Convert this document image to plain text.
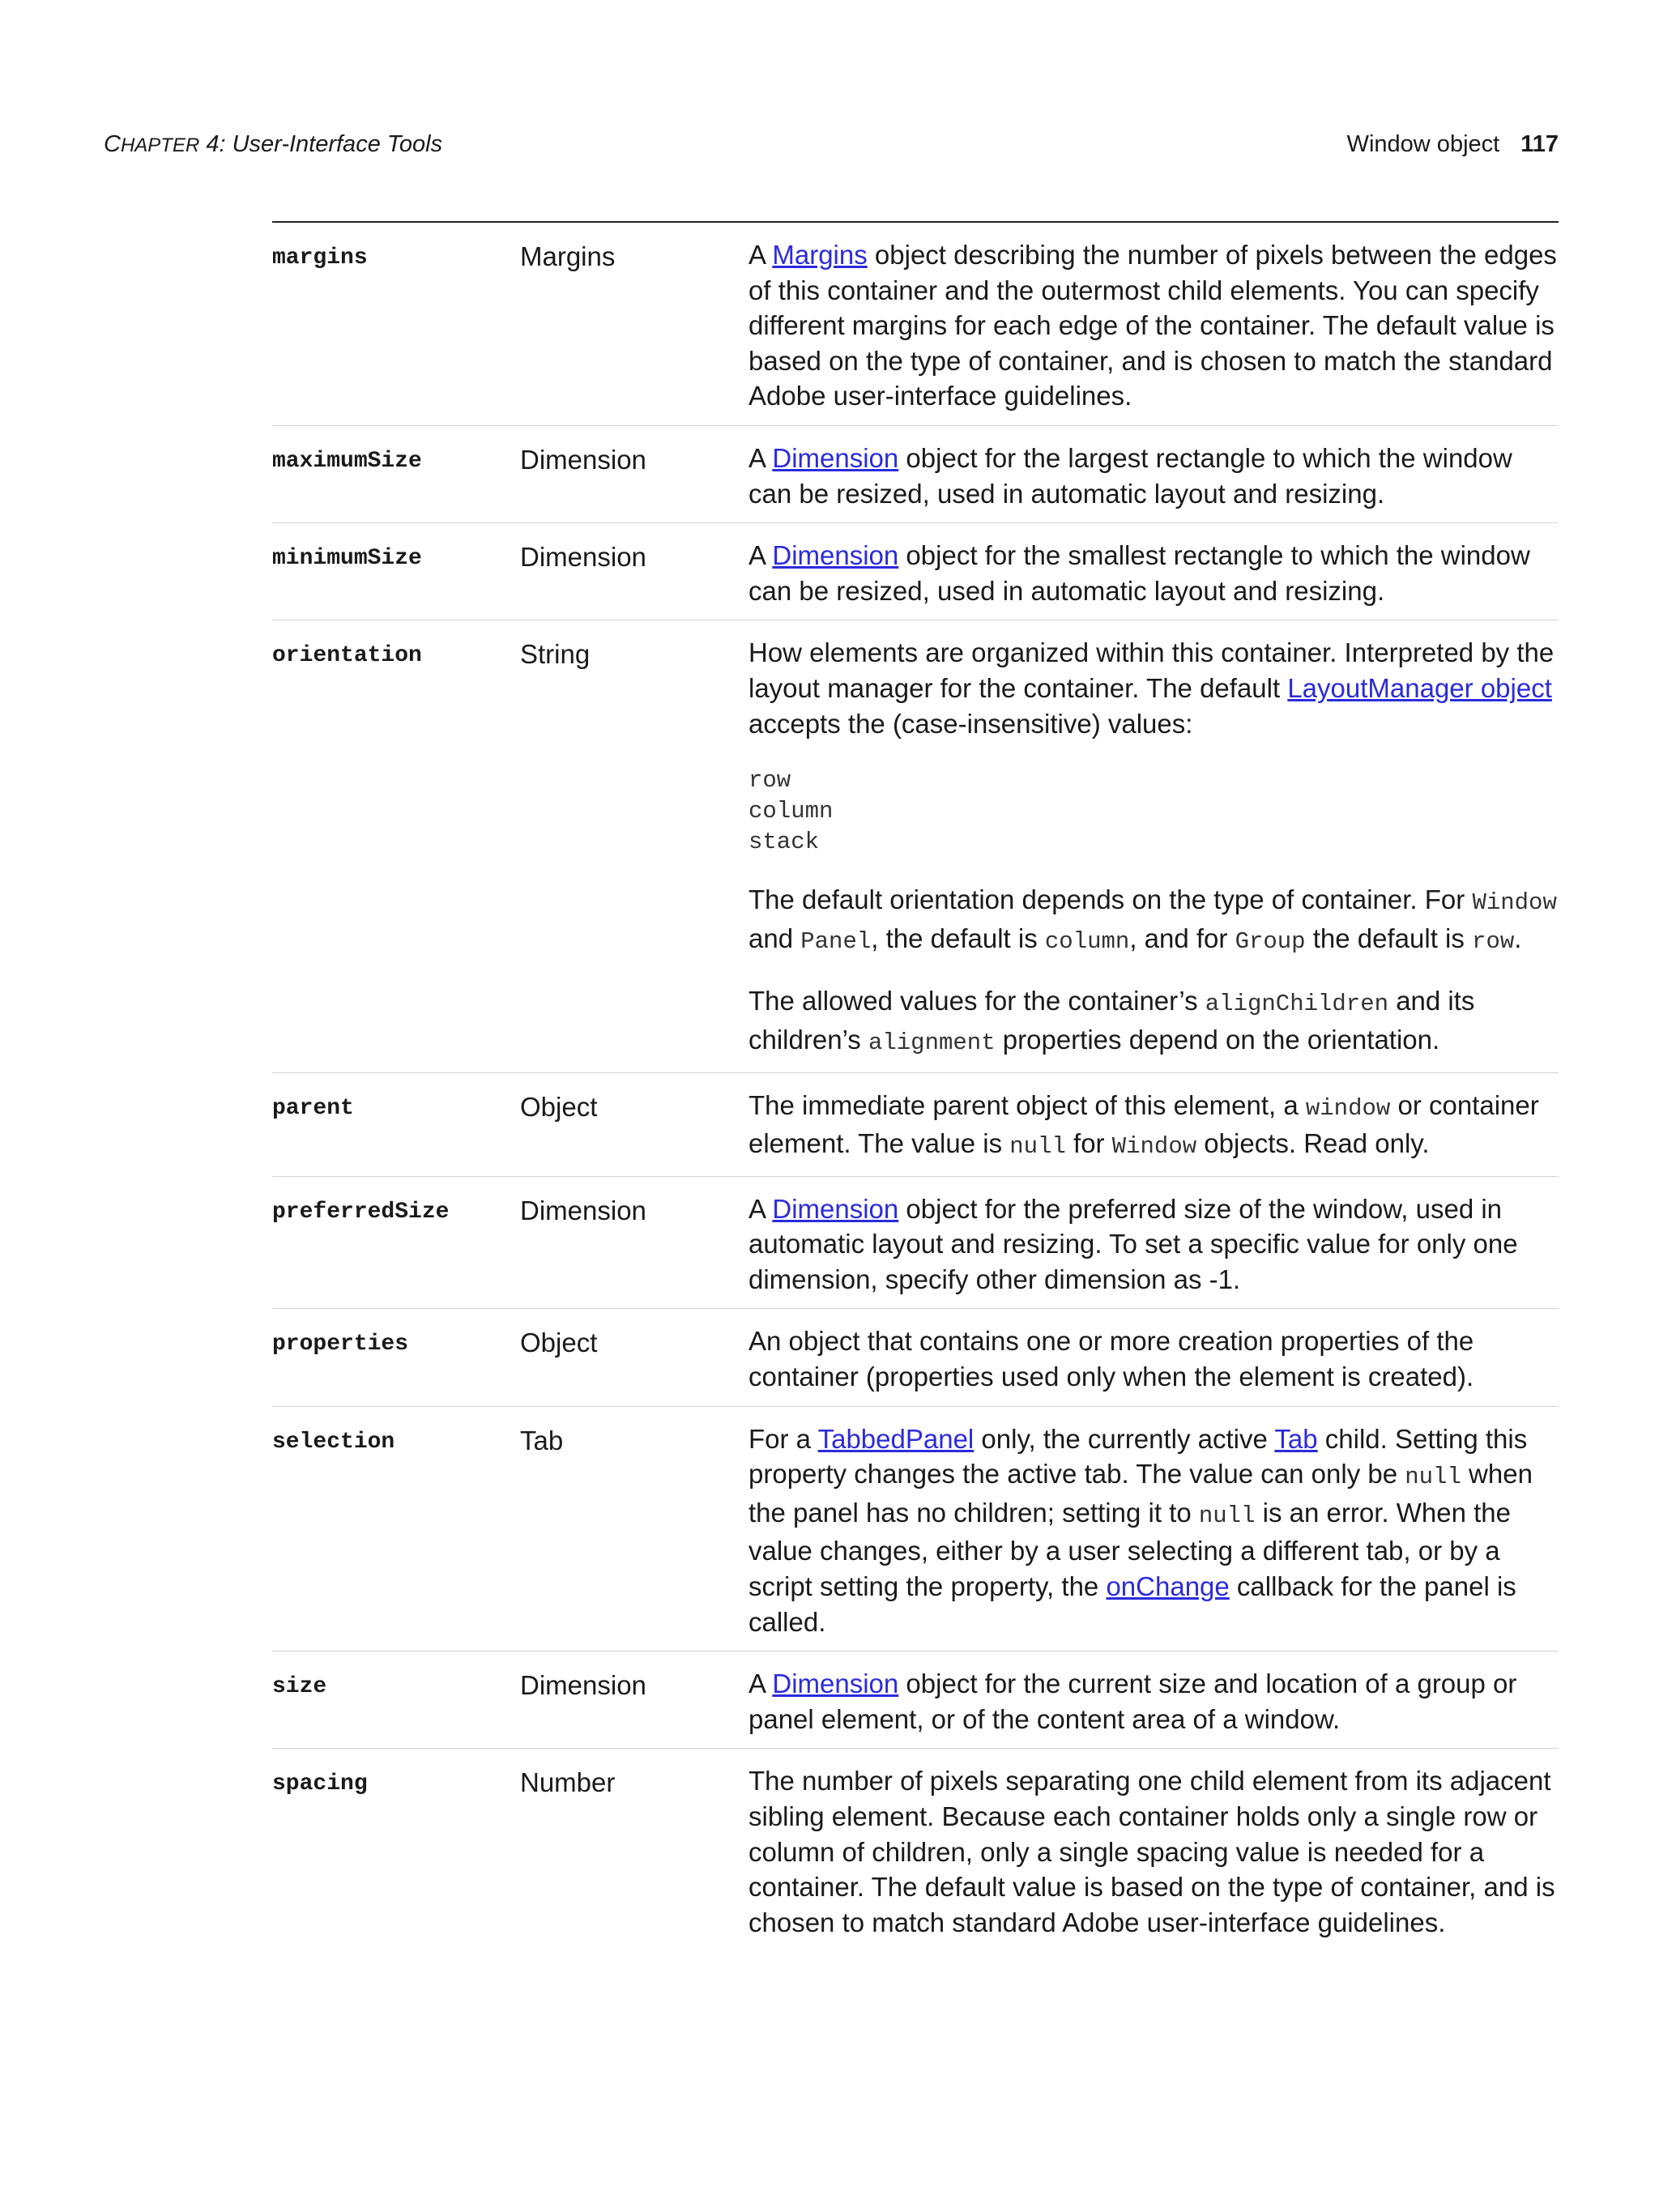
CHAPTER 4: User-Interface Tools	Window object 117
margins	Margins	A Margins object describing the number of pixels between the edges of this container and the outermost child elements. You can specify different margins for each edge of the container. The default value is based on the type of container, and is chosen to match the standard Adobe user-interface guidelines.

maximumSize	Dimension	A Dimension object for the largest rectangle to which the window can be resized, used in automatic layout and resizing.

minimumSize	Dimension	A Dimension object for the smallest rectangle to which the window can be resized, used in automatic layout and resizing.

orientation	String	How elements are organized within this container. Interpreted by the layout manager for the container. The default LayoutManager object accepts the (case-insensitive) values:

row
column
stack

The default orientation depends on the type of container. For Window and Panel, the default is column, and for Group the default is row.

The allowed values for the container’s alignChildren and its children’s alignment properties depend on the orientation.

parent	Object	The immediate parent object of this element, a window or container element. The value is null for Window objects. Read only.

preferredSize	Dimension	A Dimension object for the preferred size of the window, used in automatic layout and resizing. To set a specific value for only one dimension, specify other dimension as -1.

properties	Object	An object that contains one or more creation properties of the container (properties used only when the element is created).

selection	Tab	For a TabbedPanel only, the currently active Tab child. Setting this property changes the active tab. The value can only be null when the panel has no children; setting it to null is an error. When the value changes, either by a user selecting a different tab, or by a script setting the property, the onChange callback for the panel is called.

size	Dimension	A Dimension object for the current size and location of a group or panel element, or of the content area of a window.

spacing	Number	The number of pixels separating one child element from its adjacent sibling element. Because each container holds only a single row or column of children, only a single spacing value is needed for a container. The default value is based on the type of container, and is chosen to match standard Adobe user-interface guidelines.
